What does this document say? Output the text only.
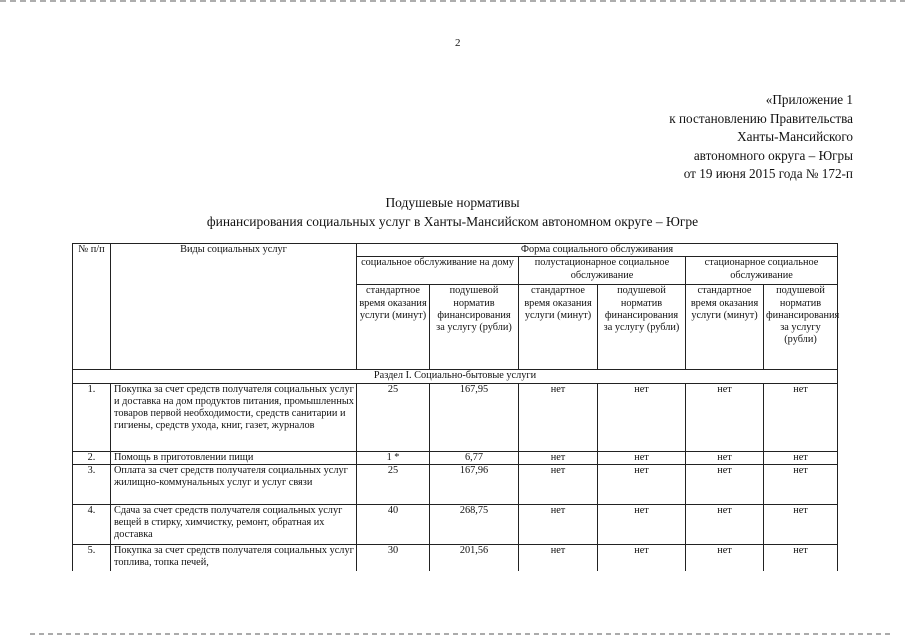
2
«Приложение 1
к постановлению Правительства
Ханты-Мансийского
автономного округа – Югры
от 19 июня 2015 года № 172-п
Подушевые нормативы
финансирования социальных услуг в Ханты-Мансийском автономном округе – Югре
№ п/п	Виды социальных услуг	Форма социального обслуживания					
		социальное обслуживание на дому		полустационарное социальное обслуживание		стационарное социальное обслуживание	
		стандартное время оказания услуги (минут)	подушевой норматив финансирования за услугу (рубли)	стандартное время оказания услуги (минут)	подушевой норматив финансирования за услугу (рубли)	стандартное время оказания услуги (минут)	подушевой норматив финансирования за услугу (рубли)
Раздел I. Социально-бытовые услуги							
1.	Покупка за счет средств получателя социальных услуг и доставка на дом продуктов питания, промышленных товаров первой необходимости, средств санитарии и гигиены, средств ухода, книг, газет, журналов	25	167,95	нет	нет	нет	нет
2.	Помощь в приготовлении пищи	1 *	6,77	нет	нет	нет	нет
3.	Оплата за счет средств получателя социальных услуг жилищно-коммунальных услуг и услуг связи	25	167,96	нет	нет	нет	нет
4.	Сдача за счет средств получателя социальных услуг вещей в стирку, химчистку, ремонт, обратная их доставка	40	268,75	нет	нет	нет	нет
5.	Покупка за счет средств получателя социальных услуг топлива, топка печей,	30	201,56	нет	нет	нет	нет
